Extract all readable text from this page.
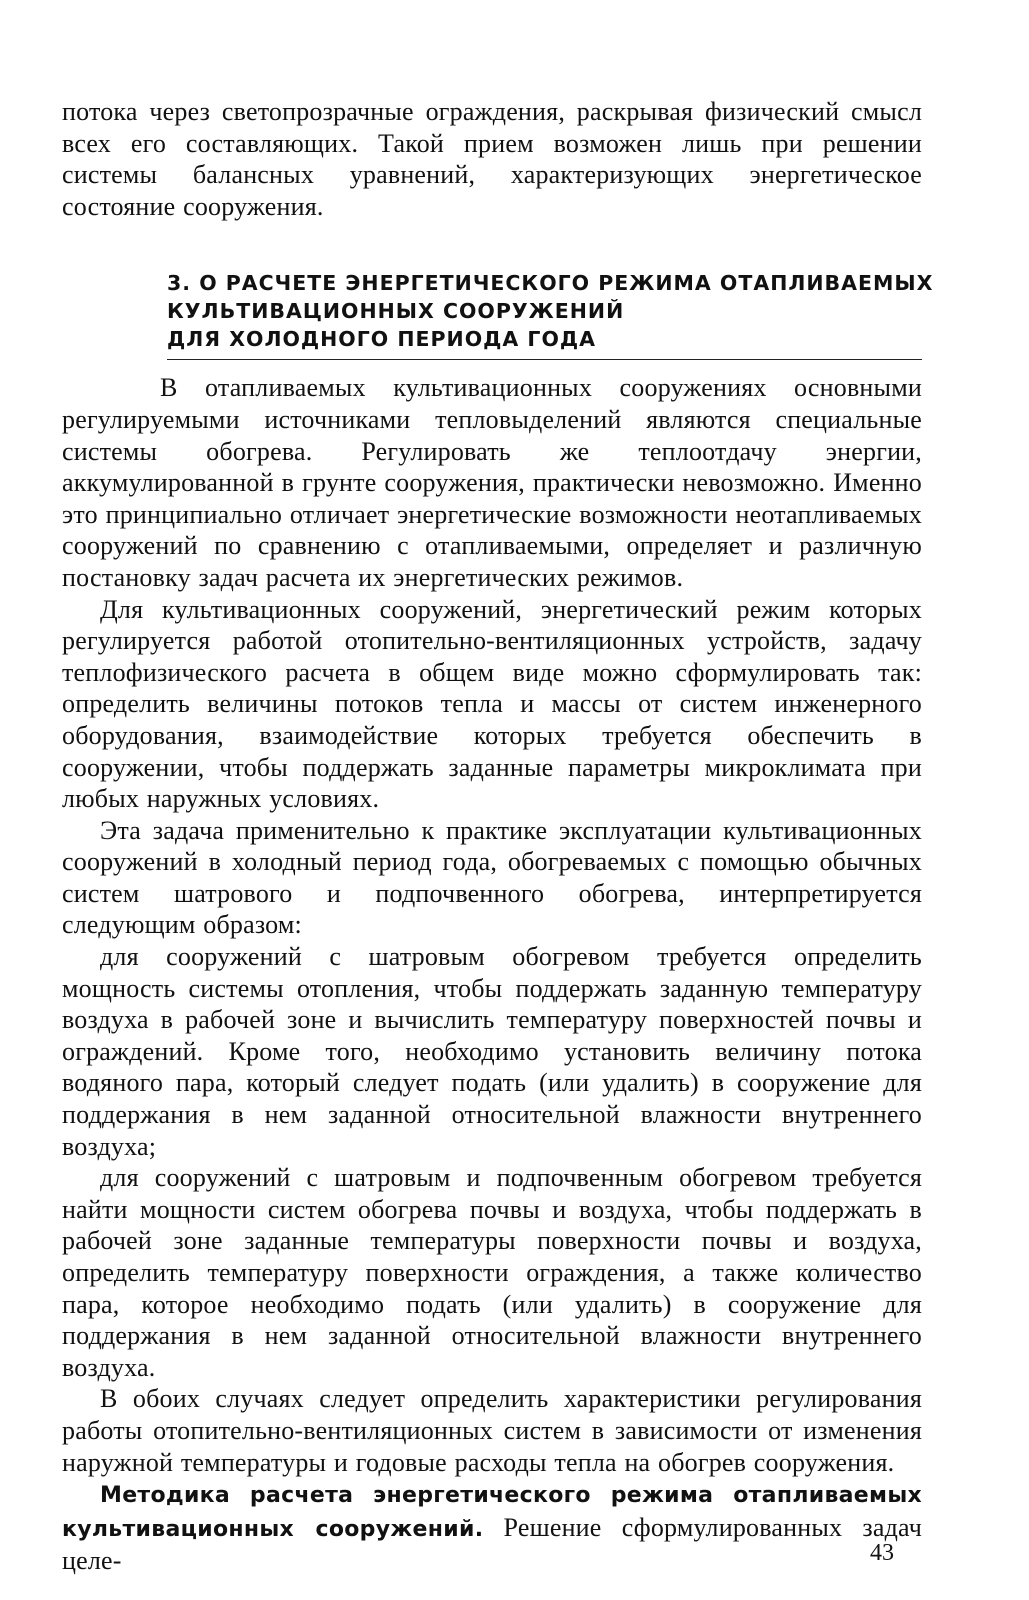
потока через светопрозрачные ограждения, раскрывая физический смысл всех его составляющих. Такой прием возможен лишь при решении системы балансных уравнений, характеризующих энергетическое состояние сооружения.

3. О РАСЧЕТЕ ЭНЕРГЕТИЧЕСКОГО РЕЖИМА ОТАПЛИВАЕМЫХ
КУЛЬТИВАЦИОННЫХ СООРУЖЕНИЙ
ДЛЯ ХОЛОДНОГО ПЕРИОДА ГОДА

В отапливаемых культивационных сооружениях основными регулируемыми источниками тепловыделений являются специальные системы обогрева. Регулировать же теплоотдачу энергии, аккумулированной в грунте сооружения, практически невозможно. Именно это принципиально отличает энергетические возможности неотапливаемых сооружений по сравнению с отапливаемыми, определяет и различную постановку задач расчета их энергетических режимов.

Для культивационных сооружений, энергетический режим которых регулируется работой отопительно-вентиляционных устройств, задачу теплофизического расчета в общем виде можно сформулировать так: определить величины потоков тепла и массы от систем инженерного оборудования, взаимодействие которых требуется обеспечить в сооружении, чтобы поддержать заданные параметры микроклимата при любых наружных условиях.

Эта задача применительно к практике эксплуатации культивационных сооружений в холодный период года, обогреваемых с помощью обычных систем шатрового и подпочвенного обогрева, интерпретируется следующим образом:

для сооружений с шатровым обогревом требуется определить мощность системы отопления, чтобы поддержать заданную температуру воздуха в рабочей зоне и вычислить температуру поверхностей почвы и ограждений. Кроме того, необходимо установить величину потока водяного пара, который следует подать (или удалить) в сооружение для поддержания в нем заданной относительной влажности внутреннего воздуха;

для сооружений с шатровым и подпочвенным обогревом требуется найти мощности систем обогрева почвы и воздуха, чтобы поддержать в рабочей зоне заданные температуры поверхности почвы и воздуха, определить температуру поверхности ограждения, а также количество пара, которое необходимо подать (или удалить) в сооружение для поддержания в нем заданной относительной влажности внутреннего воздуха.

В обоих случаях следует определить характеристики регулирования работы отопительно-вентиляционных систем в зависимости от изменения наружной температуры и годовые расходы тепла на обогрев сооружения.

Методика расчета энергетического режима отапливаемых культивационных сооружений. Решение сформулированных задач целе-	43
